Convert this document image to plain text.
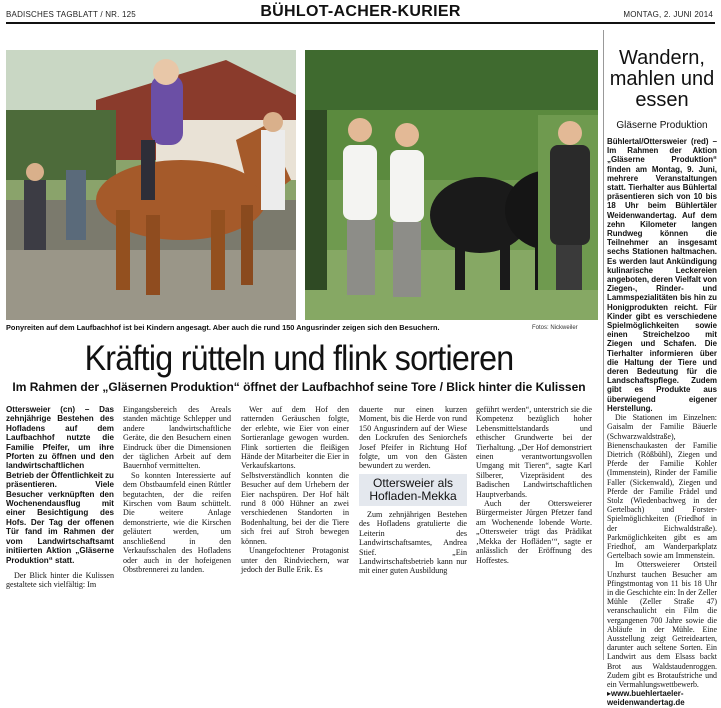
BADISCHES TAGBLATT / NR. 125	BÜHLOT-ACHER-KURIER	MONTAG, 2. JUNI 2014
Ponyreiten auf dem Laufbachhof ist bei Kindern angesagt. Aber auch die rund 150 Angusrinder zeigen sich den Besuchern.	Fotos: Nickweiler
Kräftig rütteln und flink sortieren
Im Rahmen der „Gläsernen Produktion“ öffnet der Laufbachhof seine Tore / Blick hinter die Kulissen

Ottersweier (cn) – Das zehnjährige Bestehen des Hofladens auf dem Laufbachhof nutzte die Familie Pfeifer, um ihre Pforten zu öffnen und den landwirtschaftlichen Betrieb der Öffentlichkeit zu präsentieren. Viele Besucher verknüpften den Wochenendausflug mit einer Besichtigung des Hofs. Der Tag der offenen Tür fand im Rahmen der vom Landwirtschaftsamt initiierten Aktion „Gläserne Produktion“ statt.

Der Blick hinter die Kulissen gestaltete sich vielfältig: Im

Eingangsbereich des Areals standen mächtige Schlepper und andere landwirtschaftliche Geräte, die den Besuchern einen Eindruck über die Dimensionen der täglichen Arbeit auf dem Bauernhof vermittelten.

So konnten Interessierte auf dem Obstbaumfeld einen Rüttler begutachten, der die reifen Kirschen vom Baum schüttelt. Die weitere Anlage demonstrierte, wie die Kirschen geläutert werden, um anschließend in den Verkaufsschalen des Hofladens oder auch in der hofeigenen Obstbrennerei zu landen.

Wer auf dem Hof den ratternden Geräuschen folgte, der erlebte, wie Eier von einer Sortieranlage gewogen wurden. Flink sortierten die fleißigen Hände der Mitarbeiter die Eier in Verkaufskartons. Selbstverständlich konnten die Besucher auf dem Urhebern der Eier nachspüren. Der Hof hält rund 8 000 Hühner an zwei verschiedenen Standorten in Bodenhaltung, bei der die Tiere sich frei auf Stroh bewegen können.

Unangefochtener Protagonist unter den Rindviechern, war jedoch der Bulle Erik. Es

dauerte nur einen kurzen Moment, bis die Herde von rund 150 Angusrindern auf der Wiese den Lockrufen des Seniorchefs Josef Pfeifer in Richtung Hof folgte, um von den Gästen bewundert zu werden.

Ottersweier als Hofladen-Mekka

Zum zehnjährigen Bestehen des Hofladens gratulierte die Leiterin des Landwirtschaftsamtes, Andrea Stief. „Ein Landwirtschaftsbetrieb kann nur mit einer guten Ausbildung

geführt werden“, unterstrich sie die Kompetenz bezüglich hoher Lebensmittelstandards und ethischer Grundwerte bei der Tierhaltung. „Der Hof demonstriert einen verantwortungsvollen Umgang mit Tieren“, sagte Karl Silberer, Vizepräsident des Badischen Landwirtschaftlichen Hauptverbands.

Auch der Ottersweierer Bürgermeister Jürgen Pfetzer fand am Wochenende lobende Worte. „Ottersweier trägt das Prädikat ‚Mekka der Hofläden‘“, sagte er anlässlich der Eröffnung des Hoffestes.

Wandern, mahlen und essen
Gläserne Produktion

Bühlertal/Ottersweier (red) – Im Rahmen der Aktion „Gläserne Produktion“ finden am Montag, 9. Juni, mehrere Veranstaltungen statt. Tierhalter aus Bühlertal präsentieren sich von 10 bis 18 Uhr beim Bühlertäler Weidenwandertag. Auf dem zehn Kilometer langen Rundweg können die Teilnehmer an insgesamt sechs Stationen haltmachen. Es werden laut Ankündigung kulinarische Leckereien angeboten, deren Vielfalt von Ziegen-, Rinder- und Lammspezialitäten bis hin zu Honigprodukten reicht. Für Kinder gibt es verschiedene Spielmöglichkeiten sowie einen Streichelzoo mit Ziegen und Schafen. Die Tierhalter informieren über die Haltung der Tiere und deren Bedeutung für die Landschaftspflege. Zudem gibt es Produkte aus überwiegend eigener Herstellung.

Die Stationen im Einzelnen: Gaisalm der Familie Bäuerle (Schwarzwaldstraße), Bienenschaukasten der Familie Dietrich (Rößbühl), Ziegen und Pferde der Familie Kohler (Immenstein), Rinder der Familie Faller (Sickenwald), Ziegen und Pferde der Familie Frädel und Stolz (Wiedenbachweg in der Gertelbach) und Forster-Spielmöglichkeiten (Friedhof in der Eichwaldstraße). Parkmöglichkeiten gibt es am Friedhof, am Wanderparkplatz Gertelbach sowie am Immenstein.

Im Ottersweierer Ortsteil Unzhurst tauchen Besucher am Pfingstmontag von 11 bis 18 Uhr in die Geschichte ein: In der Zeller Mühle (Zeller Straße 47) veranschaulicht ein Film die vergangenen 700 Jahre sowie die Abläufe in der Mühle. Eine Ausstellung zeigt Getreidearten, darunter auch seltene Sorten. Ein Landwirt aus dem Elsass backt Brot aus Waldstaudenroggen. Zudem gibt es Brotaufstriche und ein Vermahlungswettbewerb.

▸www.buehlertaeler-weidenwandertag.de
